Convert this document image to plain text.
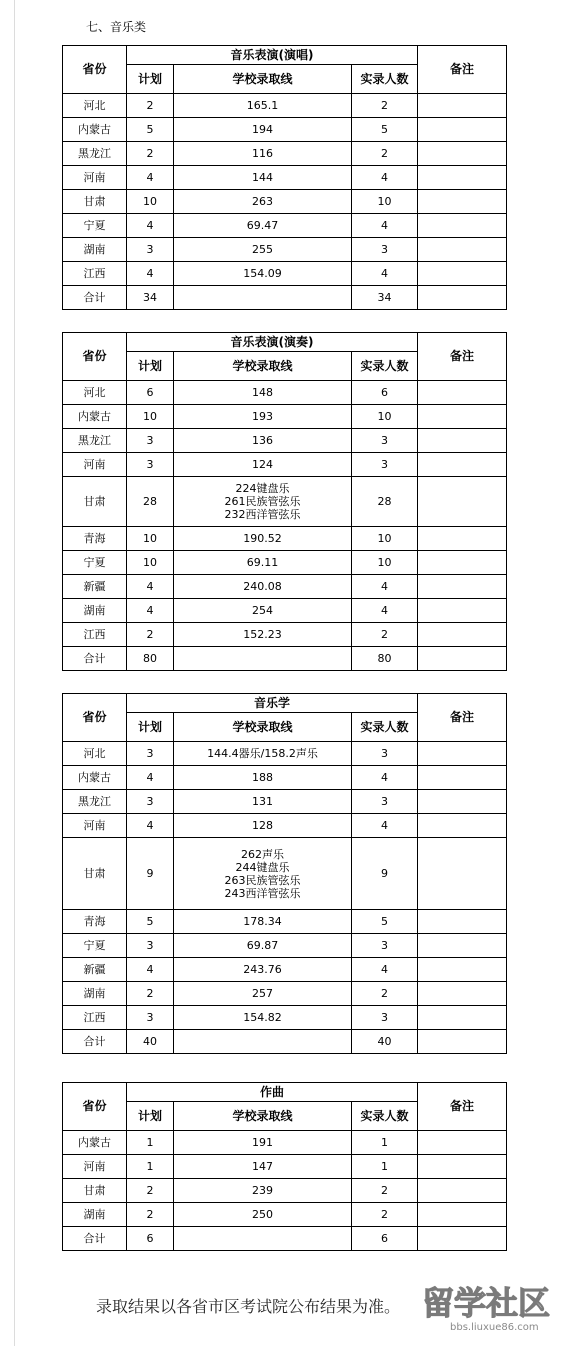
七、音乐类
省份	音乐表演(演唱)			备注
	计划	学校录取线	实录人数	
河北	2	165.1	2	
内蒙古	5	194	5	
黑龙江	2	116	2	
河南	4	144	4	
甘肃	10	263	10	
宁夏	4	69.47	4	
湖南	3	255	3	
江西	4	154.09	4	
合计	34		34	
省份	音乐表演(演奏)			备注
	计划	学校录取线	实录人数	
河北	6	148	6	
内蒙古	10	193	10	
黑龙江	3	136	3	
河南	3	124	3	
甘肃	28	224键盘乐
261民族管弦乐
232西洋管弦乐	28	
青海	10	190.52	10	
宁夏	10	69.11	10	
新疆	4	240.08	4	
湖南	4	254	4	
江西	2	152.23	2	
合计	80		80	
省份	音乐学			备注
	计划	学校录取线	实录人数	
河北	3	144.4器乐/158.2声乐	3	
内蒙古	4	188	4	
黑龙江	3	131	3	
河南	4	128	4	
甘肃	9	262声乐
244键盘乐
263民族管弦乐
243西洋管弦乐	9	
青海	5	178.34	5	
宁夏	3	69.87	3	
新疆	4	243.76	4	
湖南	2	257	2	
江西	3	154.82	3	
合计	40		40	
省份	作曲			备注
	计划	学校录取线	实录人数	
内蒙古	1	191	1	
河南	1	147	1	
甘肃	2	239	2	
湖南	2	250	2	
合计	6		6	
录取结果以各省市区考试院公布结果为准。 留学社区
bbs.liuxue86.com
